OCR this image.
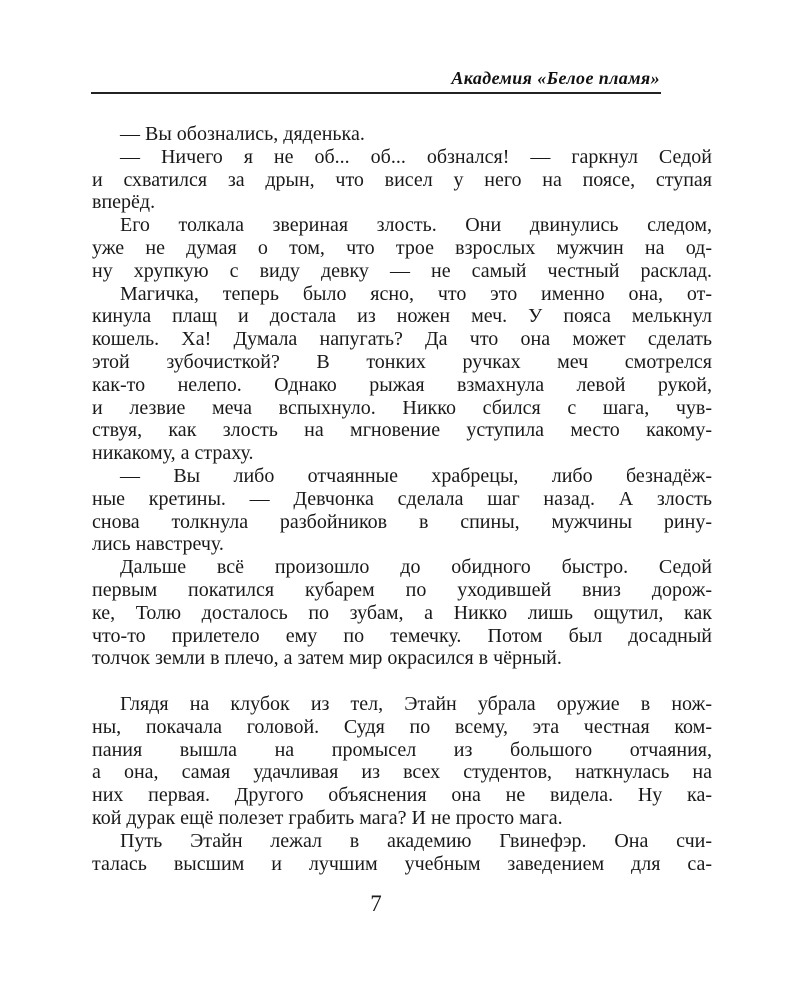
Академия «Белое пламя»
— Вы обознались, дяденька.
— Ничего я не об... об... обзнался! — гаркнул Седой
и схватился за дрын, что висел у него на поясе, ступая
вперёд.
Его толкала звериная злость. Они двинулись следом,
уже не думая о том, что трое взрослых мужчин на од-
ну хрупкую с виду девку — не самый честный расклад.
Магичка, теперь было ясно, что это именно она, от-
кинула плащ и достала из ножен меч. У пояса мелькнул
кошель. Ха! Думала напугать? Да что она может сделать
этой зубочисткой? В тонких ручках меч смотрелся
как-то нелепо. Однако рыжая взмахнула левой рукой,
и лезвие меча вспыхнуло. Никко сбился с шага, чув-
ствуя, как злость на мгновение уступила место какому-
никакому, а страху.
— Вы либо отчаянные храбрецы, либо безнадёж-
ные кретины. — Девчонка сделала шаг назад. А злость
снова толкнула разбойников в спины, мужчины рину-
лись навстречу.
Дальше всё произошло до обидного быстро. Седой
первым покатился кубарем по уходившей вниз дорож-
ке, Толю досталось по зубам, а Никко лишь ощутил, как
что-то прилетело ему по темечку. Потом был досадный
толчок земли в плечо, а затем мир окрасился в чёрный.
Глядя на клубок из тел, Этайн убрала оружие в нож-
ны, покачала головой. Судя по всему, эта честная ком-
пания вышла на промысел из большого отчаяния,
а она, самая удачливая из всех студентов, наткнулась на
них первая. Другого объяснения она не видела. Ну ка-
кой дурак ещё полезет грабить мага? И не просто мага.
Путь Этайн лежал в академию Гвинефэр. Она счи-
талась высшим и лучшим учебным заведением для са-
7
